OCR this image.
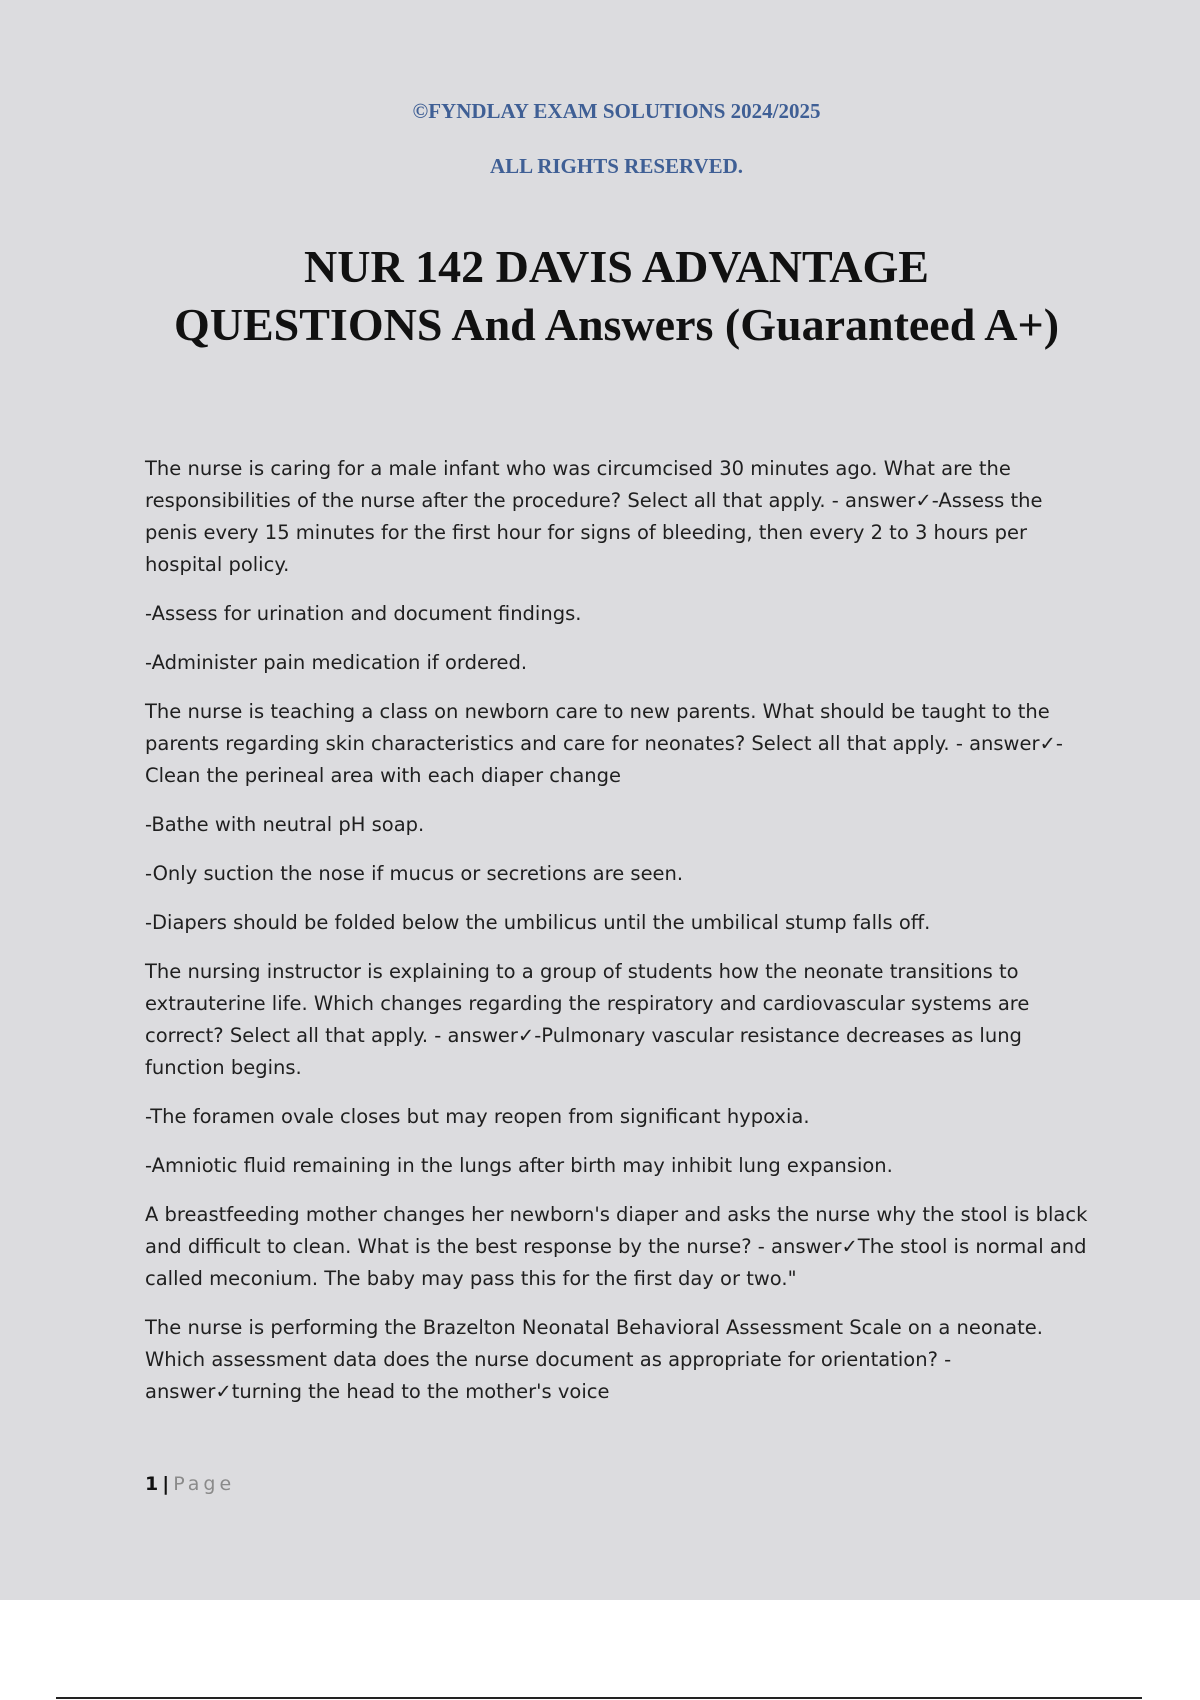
©FYNDLAY EXAM SOLUTIONS 2024/2025

ALL RIGHTS RESERVED.

NUR 142 DAVIS ADVANTAGE
QUESTIONS And Answers (Guaranteed A+)

The nurse is caring for a male infant who was circumcised 30 minutes ago. What are the responsibilities of the nurse after the procedure? Select all that apply. - answer✓-Assess the penis every 15 minutes for the first hour for signs of bleeding, then every 2 to 3 hours per hospital policy.

-Assess for urination and document findings.

-Administer pain medication if ordered.

The nurse is teaching a class on newborn care to new parents. What should be taught to the parents regarding skin characteristics and care for neonates? Select all that apply. - answer✓-Clean the perineal area with each diaper change

-Bathe with neutral pH soap.

-Only suction the nose if mucus or secretions are seen.

-Diapers should be folded below the umbilicus until the umbilical stump falls off.

The nursing instructor is explaining to a group of students how the neonate transitions to extrauterine life. Which changes regarding the respiratory and cardiovascular systems are correct? Select all that apply. - answer✓-Pulmonary vascular resistance decreases as lung function begins.

-The foramen ovale closes but may reopen from significant hypoxia.

-Amniotic fluid remaining in the lungs after birth may inhibit lung expansion.

A breastfeeding mother changes her newborn's diaper and asks the nurse why the stool is black and difficult to clean. What is the best response by the nurse? - answer✓The stool is normal and called meconium. The baby may pass this for the first day or two."

The nurse is performing the Brazelton Neonatal Behavioral Assessment Scale on a neonate. Which assessment data does the nurse document as appropriate for orientation? - answer✓turning the head to the mother's voice

1 | Page
